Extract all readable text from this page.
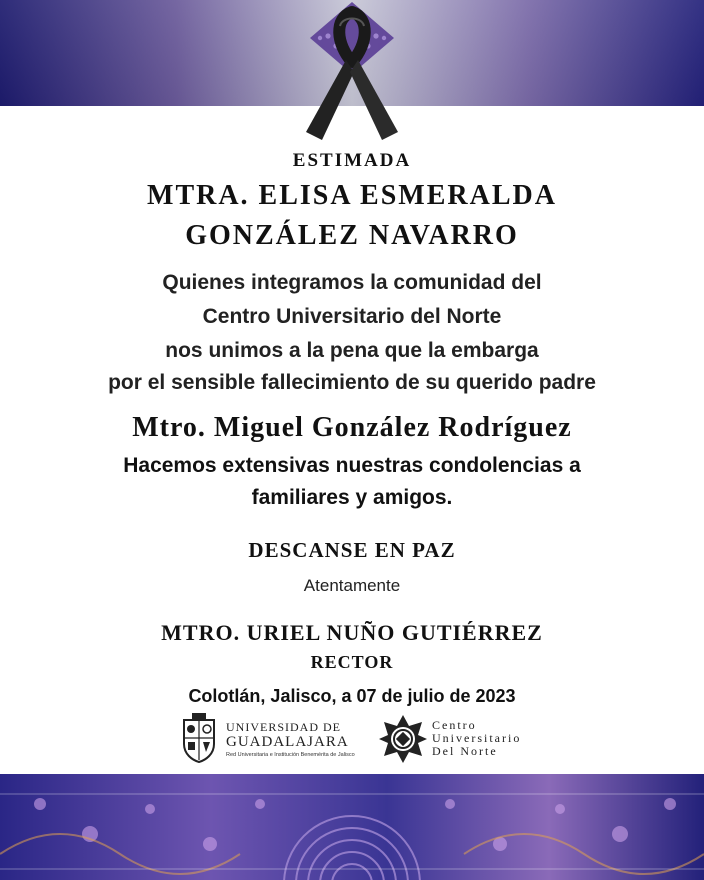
ESTIMADA
MTRA. ELISA ESMERALDA
GONZÁLEZ NAVARRO
Quienes integramos la comunidad del
Centro Universitario del Norte
nos unimos a la pena que la embarga
por el sensible fallecimiento de su querido padre
Mtro. Miguel González Rodríguez
Hacemos extensivas nuestras condolencias a
familiares y amigos.
DESCANSE EN PAZ
Atentamente
MTRO. URIEL NUÑO GUTIÉRREZ
RECTOR
Colotlán, Jalisco, a 07 de julio de 2023
UNIVERSIDAD DE
GUADALAJARA
Red Universitaria e Institución Benemérita de Jalisco
Centro
Universitario
Del Norte
